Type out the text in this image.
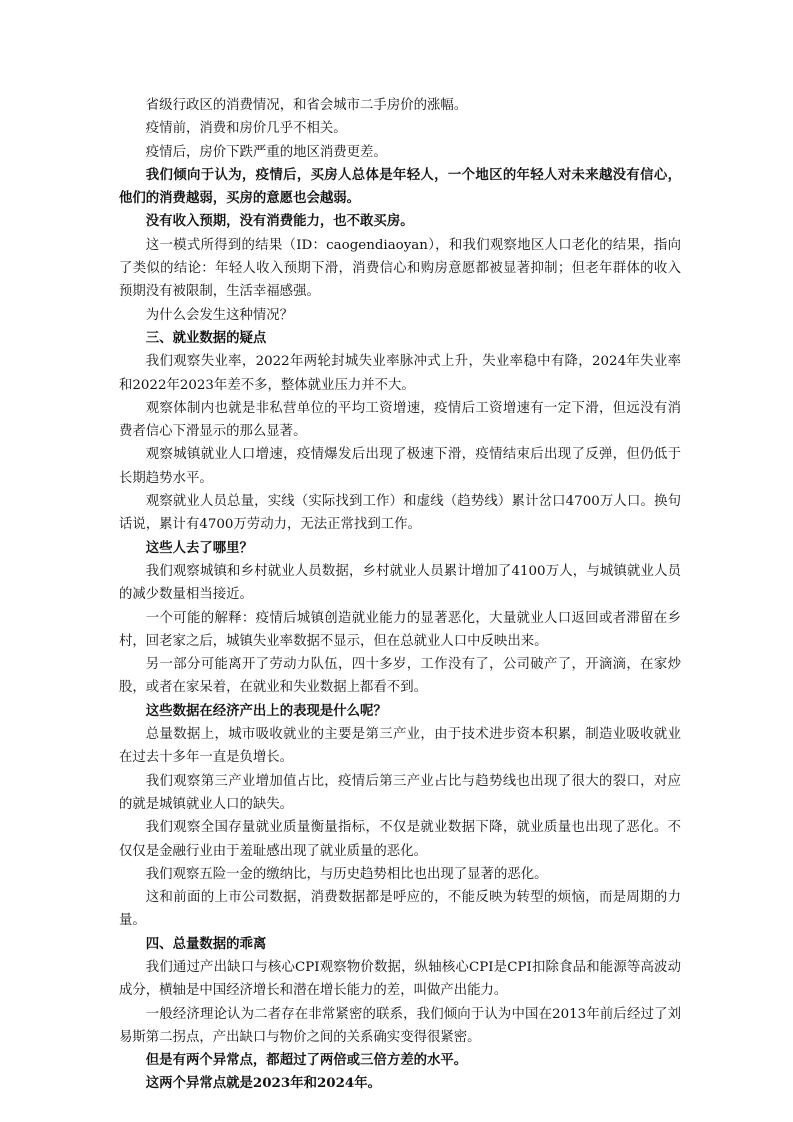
省级行政区的消费情况，和省会城市二手房价的涨幅。

疫情前，消费和房价几乎不相关。

疫情后，房价下跌严重的地区消费更差。

我们倾向于认为，疫情后，买房人总体是年轻人，一个地区的年轻人对未来越没有信心，他们的消费越弱，买房的意愿也会越弱。

没有收入预期，没有消费能力，也不敢买房。

这一模式所得到的结果（ID：caogendiaoyan），和我们观察地区人口老化的结果，指向了类似的结论：年轻人收入预期下滑，消费信心和购房意愿都被显著抑制；但老年群体的收入预期没有被限制，生活幸福感强。

为什么会发生这种情况？

三、就业数据的疑点

我们观察失业率，2022年两轮封城失业率脉冲式上升，失业率稳中有降，2024年失业率和2022年2023年差不多，整体就业压力并不大。

观察体制内也就是非私营单位的平均工资增速，疫情后工资增速有一定下滑，但远没有消费者信心下滑显示的那么显著。

观察城镇就业人口增速，疫情爆发后出现了极速下滑，疫情结束后出现了反弹，但仍低于长期趋势水平。

观察就业人员总量，实线（实际找到工作）和虚线（趋势线）累计岔口4700万人口。换句话说，累计有4700万劳动力，无法正常找到工作。

这些人去了哪里？

我们观察城镇和乡村就业人员数据，乡村就业人员累计增加了4100万人，与城镇就业人员的减少数量相当接近。

一个可能的解释：疫情后城镇创造就业能力的显著恶化，大量就业人口返回或者滞留在乡村，回老家之后，城镇失业率数据不显示，但在总就业人口中反映出来。

另一部分可能离开了劳动力队伍，四十多岁，工作没有了，公司破产了，开滴滴，在家炒股，或者在家呆着，在就业和失业数据上都看不到。

这些数据在经济产出上的表现是什么呢？

总量数据上，城市吸收就业的主要是第三产业，由于技术进步资本积累，制造业吸收就业在过去十多年一直是负增长。

我们观察第三产业增加值占比，疫情后第三产业占比与趋势线也出现了很大的裂口，对应的就是城镇就业人口的缺失。

我们观察全国存量就业质量衡量指标，不仅是就业数据下降，就业质量也出现了恶化。不仅仅是金融行业由于羞耻感出现了就业质量的恶化。

我们观察五险一金的缴纳比，与历史趋势相比也出现了显著的恶化。

这和前面的上市公司数据，消费数据都是呼应的，不能反映为转型的烦恼，而是周期的力量。

四、总量数据的乖离

我们通过产出缺口与核心CPI观察物价数据，纵轴核心CPI是CPI扣除食品和能源等高波动成分，横轴是中国经济增长和潜在增长能力的差，叫做产出能力。

一般经济理论认为二者存在非常紧密的联系，我们倾向于认为中国在2013年前后经过了刘易斯第二拐点，产出缺口与物价之间的关系确实变得很紧密。

但是有两个异常点，都超过了两倍或三倍方差的水平。

这两个异常点就是2023年和2024年。
